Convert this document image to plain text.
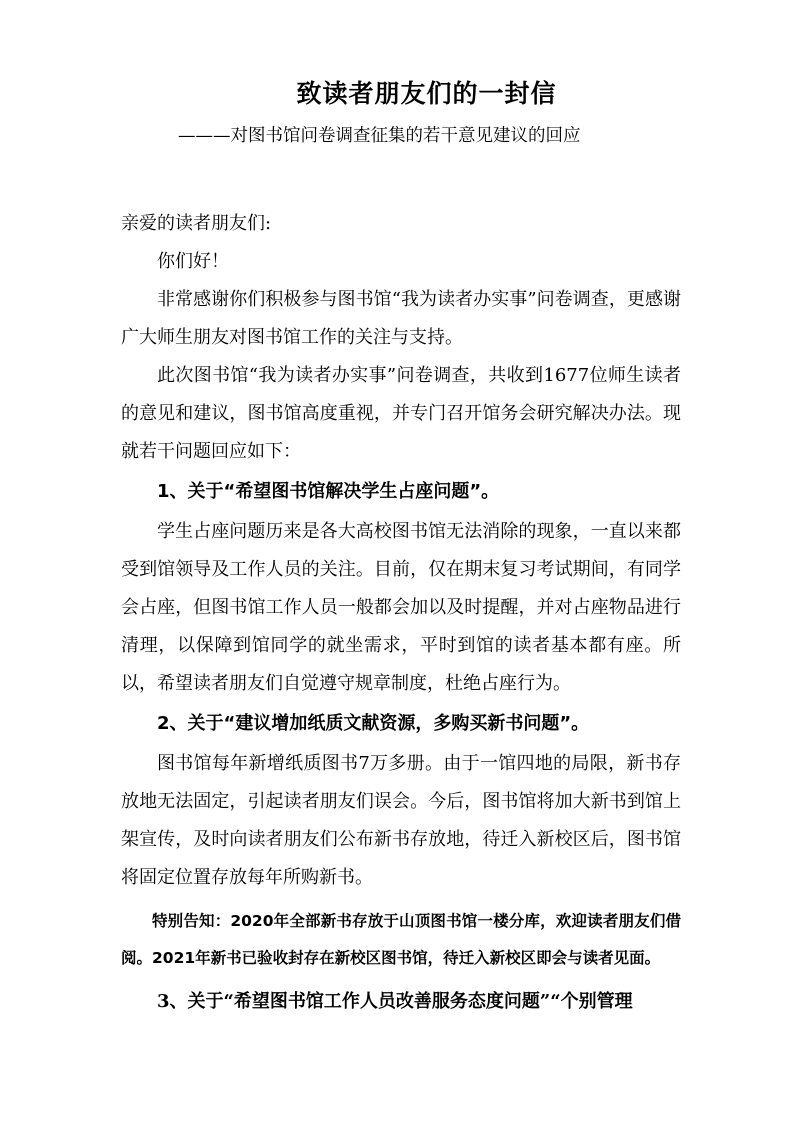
致读者朋友们的一封信
———对图书馆问卷调查征集的若干意见建议的回应

亲爱的读者朋友们:

你们好！

非常感谢你们积极参与图书馆“我为读者办实事”问卷调查，更感谢广大师生朋友对图书馆工作的关注与支持。

此次图书馆“我为读者办实事”问卷调查，共收到1677位师生读者的意见和建议，图书馆高度重视，并专门召开馆务会研究解决办法。现就若干问题回应如下：

1、关于“希望图书馆解决学生占座问题”。

学生占座问题历来是各大高校图书馆无法消除的现象，一直以来都受到馆领导及工作人员的关注。目前，仅在期末复习考试期间，有同学会占座，但图书馆工作人员一般都会加以及时提醒，并对占座物品进行清理，以保障到馆同学的就坐需求，平时到馆的读者基本都有座。所以，希望读者朋友们自觉遵守规章制度，杜绝占座行为。

2、关于“建议增加纸质文献资源，多购买新书问题”。

图书馆每年新增纸质图书7万多册。由于一馆四地的局限，新书存放地无法固定，引起读者朋友们误会。今后，图书馆将加大新书到馆上架宣传，及时向读者朋友们公布新书存放地，待迁入新校区后，图书馆将固定位置存放每年所购新书。

特别告知：2020年全部新书存放于山顶图书馆一楼分库，欢迎读者朋友们借阅。2021年新书已验收封存在新校区图书馆，待迁入新校区即会与读者见面。

3、关于“希望图书馆工作人员改善服务态度问题”“个别管理
